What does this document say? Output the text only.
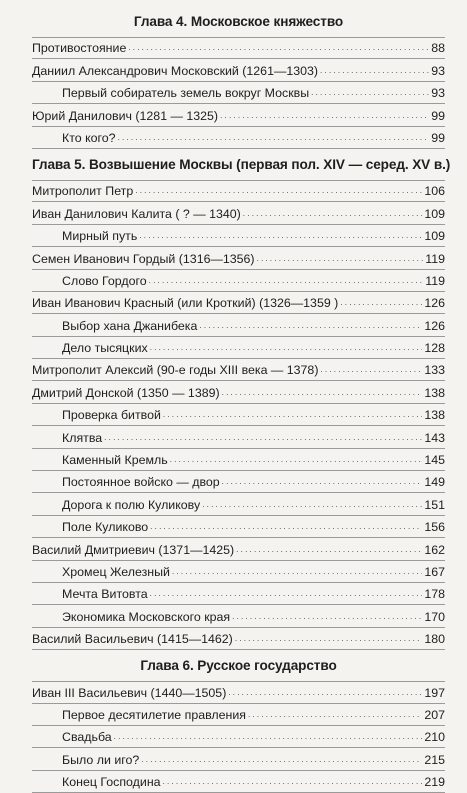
Глава 4. Московское княжество
Противостояние . . .	88
Даниил Александрович Московский (1261—1303) . . .	93
Первый собиратель земель вокруг Москвы . . .	93
Юрий Данилович (1281 — 1325) . . .	99
Кто кого? . . .	99
Глава 5. Возвышение Москвы (первая пол. XIV — серед. XV в.)
Митрополит Петр . . .	106
Иван Данилович Калита ( ? — 1340) . . .	109
Мирный путь . . .	109
Семен Иванович Гордый (1316—1356) . . .	119
Слово Гордого . . .	119
Иван Иванович Красный (или Кроткий) (1326—1359 ) . . .	126
Выбор хана Джанибека . . .	126
Дело тысяцких . . .	128
Митрополит Алексий (90-е годы XIII века — 1378) . . .	133
Дмитрий Донской (1350 — 1389) . . .	138
Проверка битвой . . .	138
Клятва . . .	143
Каменный Кремль . . .	145
Постоянное войско — двор . . .	149
Дорога к полю Куликову . . .	151
Поле Куликово . . .	156
Василий Дмитриевич (1371—1425) . . .	162
Хромец Железный . . .	167
Мечта Витовта . . .	178
Экономика Московского края . . .	170
Василий Васильевич (1415—1462) . . .	180
Глава 6. Русское государство
Иван III Васильевич (1440—1505) . . .	197
Первое десятилетие правления . . .	207
Свадьба . . .	210
Было ли иго? . . .	215
Конец Господина . . .	219
